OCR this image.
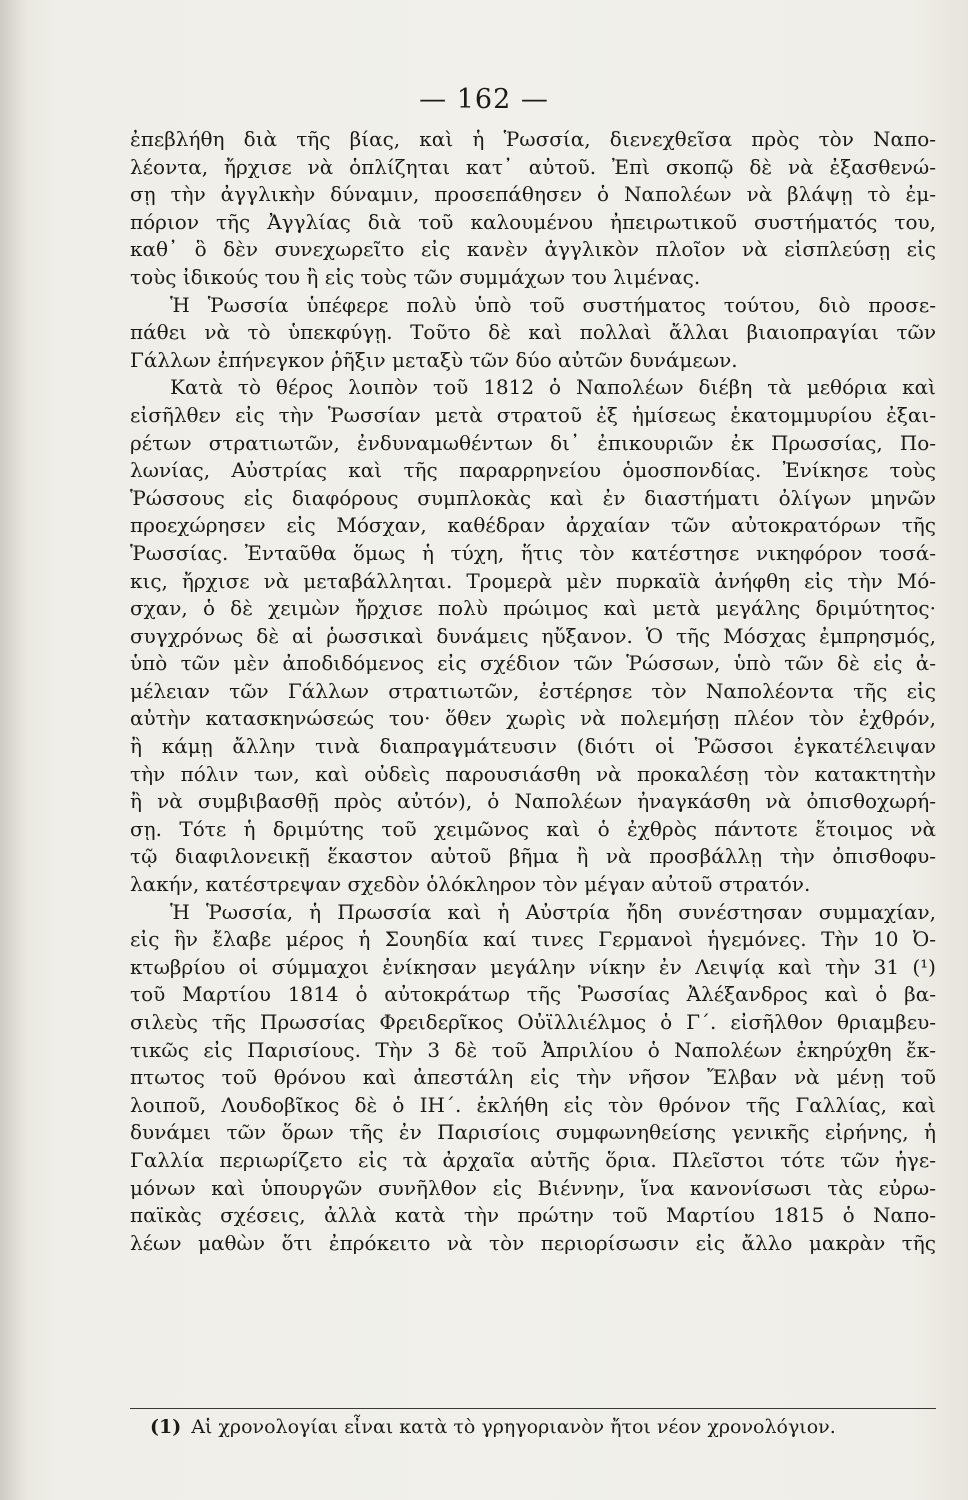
— 162 —
ἐπεβλήθη διὰ τῆς βίας, καὶ ἡ Ῥωσσία, διενεχθεῖσα πρὸς τὸν Ναπο-
λέοντα, ἤρχισε νὰ ὁπλίζηται κατ᾽ αὐτοῦ. Ἐπὶ σκοπῷ δὲ νὰ ἐξασθενώ-
σῃ τὴν ἀγγλικὴν δύναμιν, προσεπάθησεν ὁ Ναπολέων νὰ βλάψῃ τὸ ἐμ-
πόριον τῆς Ἀγγλίας διὰ τοῦ καλουμένου ἠπειρωτικοῦ συστήματός του,
καθ᾽ ὃ δὲν συνεχωρεῖτο εἰς κανὲν ἀγγλικὸν πλοῖον νὰ εἰσπλεύσῃ εἰς
τοὺς ἰδικούς του ἢ εἰς τοὺς τῶν συμμάχων του λιμένας.
Ἡ Ῥωσσία ὑπέφερε πολὺ ὑπὸ τοῦ συστήματος τούτου, διὸ προσε-
πάθει νὰ τὸ ὑπεκφύγῃ. Τοῦτο δὲ καὶ πολλαὶ ἄλλαι βιαιοπραγίαι τῶν
Γάλλων ἐπήνεγκον ῥῆξιν μεταξὺ τῶν δύο αὐτῶν δυνάμεων.
Κατὰ τὸ θέρος λοιπὸν τοῦ 1812 ὁ Ναπολέων διέβη τὰ μεθόρια καὶ
εἰσῆλθεν εἰς τὴν Ῥωσσίαν μετὰ στρατοῦ ἐξ ἡμίσεως ἑκατομμυρίου ἐξαι-
ρέτων στρατιωτῶν, ἐνδυναμωθέντων δι᾽ ἐπικουριῶν ἐκ Πρωσσίας, Πο-
λωνίας, Αὐστρίας καὶ τῆς παραρρηνείου ὁμοσπονδίας. Ἐνίκησε τοὺς
Ῥώσσους εἰς διαφόρους συμπλοκὰς καὶ ἐν διαστήματι ὀλίγων μηνῶν
προεχώρησεν εἰς Μόσχαν, καθέδραν ἀρχαίαν τῶν αὐτοκρατόρων τῆς
Ῥωσσίας. Ἐνταῦθα ὅμως ἡ τύχη, ἥτις τὸν κατέστησε νικηφόρον τοσά-
κις, ἤρχισε νὰ μεταβάλληται. Τρομερὰ μὲν πυρκαϊὰ ἀνήφθη εἰς τὴν Μό-
σχαν, ὁ δὲ χειμὼν ἤρχισε πολὺ πρώιμος καὶ μετὰ μεγάλης δριμύτητος·
συγχρόνως δὲ αἱ ῥωσσικαὶ δυνάμεις ηὔξανον. Ὁ τῆς Μόσχας ἐμπρησμός,
ὑπὸ τῶν μὲν ἀποδιδόμενος εἰς σχέδιον τῶν Ῥώσσων, ὑπὸ τῶν δὲ εἰς ἀ-
μέλειαν τῶν Γάλλων στρατιωτῶν, ἐστέρησε τὸν Ναπολέοντα τῆς εἰς
αὐτὴν κατασκηνώσεώς του· ὅθεν χωρὶς νὰ πολεμήσῃ πλέον τὸν ἐχθρόν,
ἢ κάμῃ ἄλλην τινὰ διαπραγμάτευσιν (διότι οἱ Ῥῶσσοι ἐγκατέλειψαν
τὴν πόλιν των, καὶ οὐδεὶς παρουσιάσθη νὰ προκαλέσῃ τὸν κατακτητὴν
ἢ νὰ συμβιβασθῇ πρὸς αὐτόν), ὁ Ναπολέων ἠναγκάσθη νὰ ὀπισθοχωρή-
σῃ. Τότε ἡ δριμύτης τοῦ χειμῶνος καὶ ὁ ἐχθρὸς πάντοτε ἕτοιμος νὰ
τῷ διαφιλονεικῇ ἕκαστον αὐτοῦ βῆμα ἢ νὰ προσβάλλῃ τὴν ὀπισθοφυ-
λακήν, κατέστρεψαν σχεδὸν ὁλόκληρον τὸν μέγαν αὐτοῦ στρατόν.
Ἡ Ῥωσσία, ἡ Πρωσσία καὶ ἡ Αὐστρία ἤδη συνέστησαν συμμαχίαν,
εἰς ἣν ἔλαβε μέρος ἡ Σουηδία καί τινες Γερμανοὶ ἡγεμόνες. Τὴν 10 Ὀ-
κτωβρίου οἱ σύμμαχοι ἐνίκησαν μεγάλην νίκην ἐν Λειψίᾳ καὶ τὴν 31 (¹)
τοῦ Μαρτίου 1814 ὁ αὐτοκράτωρ τῆς Ῥωσσίας Ἀλέξανδρος καὶ ὁ βα-
σιλεὺς τῆς Πρωσσίας Φρειδερῖκος Οὐϊλλιέλμος ὁ Γ΄. εἰσῆλθον θριαμβευ-
τικῶς εἰς Παρισίους. Τὴν 3 δὲ τοῦ Ἀπριλίου ὁ Ναπολέων ἐκηρύχθη ἔκ-
πτωτος τοῦ θρόνου καὶ ἀπεστάλη εἰς τὴν νῆσον Ἔλβαν νὰ μένῃ τοῦ
λοιποῦ, Λουδοβῖκος δὲ ὁ ΙΗ΄. ἐκλήθη εἰς τὸν θρόνον τῆς Γαλλίας, καὶ
δυνάμει τῶν ὅρων τῆς ἐν Παρισίοις συμφωνηθείσης γενικῆς εἰρήνης, ἡ
Γαλλία περιωρίζετο εἰς τὰ ἀρχαῖα αὐτῆς ὅρια. Πλεῖστοι τότε τῶν ἡγε-
μόνων καὶ ὑπουργῶν συνῆλθον εἰς Βιέννην, ἵνα κανονίσωσι τὰς εὐρω-
παϊκὰς σχέσεις, ἀλλὰ κατὰ τὴν πρώτην τοῦ Μαρτίου 1815 ὁ Ναπο-
λέων μαθὼν ὅτι ἐπρόκειτο νὰ τὸν περιορίσωσιν εἰς ἄλλο μακρὰν τῆς
(1) Αἱ χρονολογίαι εἶναι κατὰ τὸ γρηγοριανὸν ἤτοι νέον χρονολόγιον.
